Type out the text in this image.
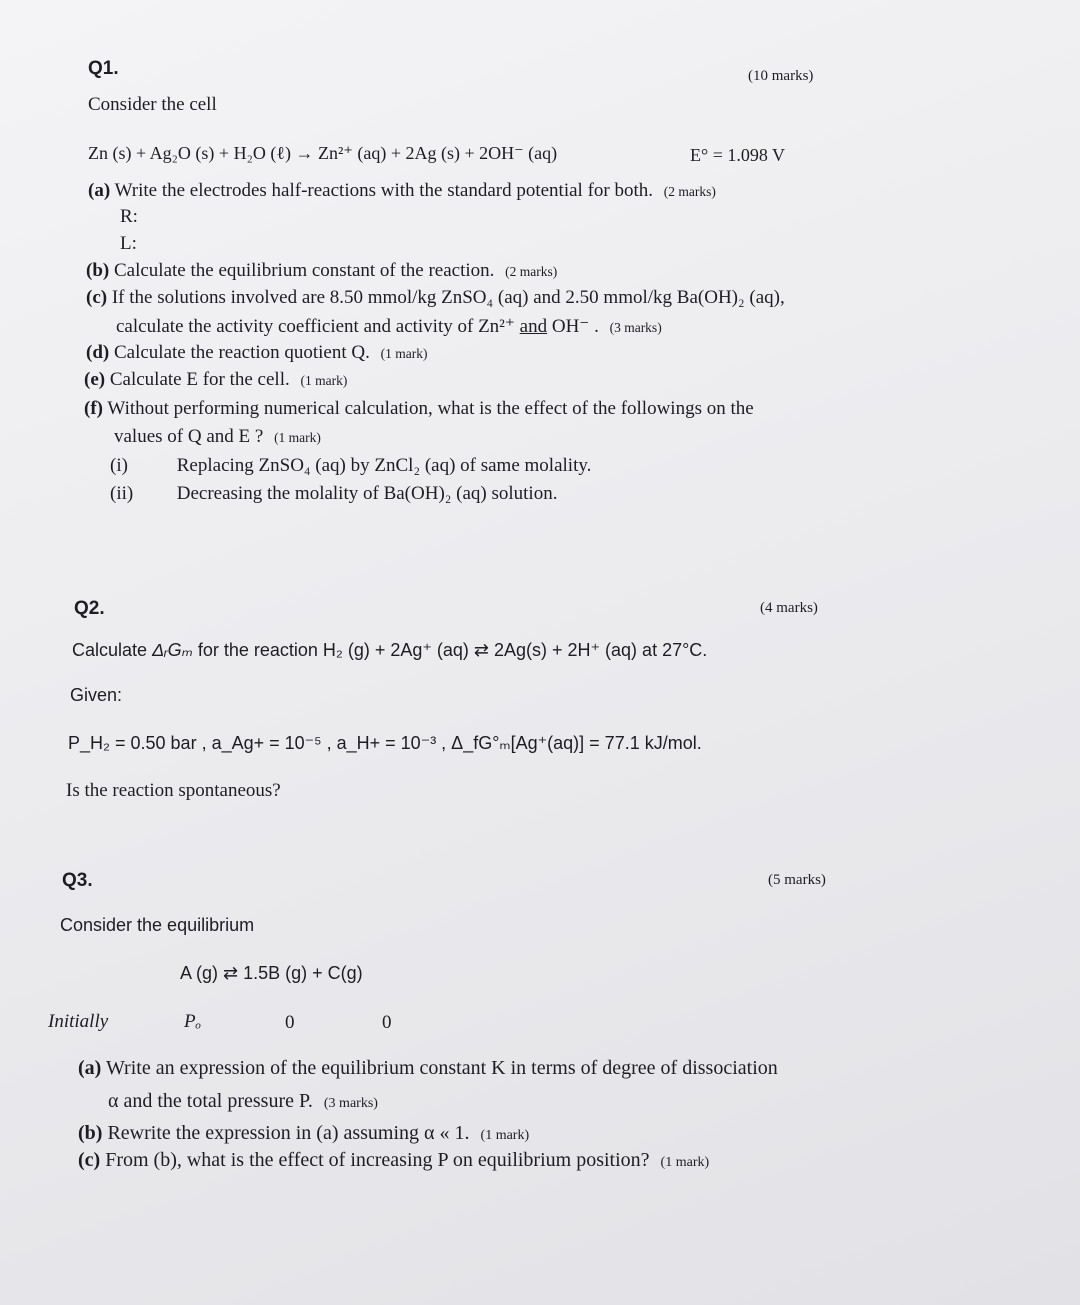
Q1.	(10 marks)
Consider the cell
Zn (s) + Ag₂O (s) + H₂O (ℓ) → Zn²⁺ (aq) + 2Ag (s) + 2OH⁻ (aq)	E° = 1.098 V
(a) Write the electrodes half-reactions with the standard potential for both. (2 marks)
R:
L:
(b) Calculate the equilibrium constant of the reaction. (2 marks)
(c) If the solutions involved are 8.50 mmol/kg ZnSO₄ (aq) and 2.50 mmol/kg Ba(OH)₂ (aq),
calculate the activity coefficient and activity of Zn²⁺ and OH⁻ . (3 marks)
(d) Calculate the reaction quotient Q. (1 mark)
(e) Calculate E for the cell. (1 mark)
(f) Without performing numerical calculation, what is the effect of the followings on the
values of Q and E ? (1 mark)
(i)	Replacing ZnSO₄ (aq) by ZnCl₂ (aq) of same molality.
(ii) Decreasing the molality of Ba(OH)₂ (aq) solution.
Q2.	(4 marks)
Calculate ΔᵣGₘ for the reaction H₂ (g) + 2Ag⁺ (aq) ⇄ 2Ag(s) + 2H⁺ (aq) at 27°C.
Given:
P_H₂ = 0.50 bar , a_Ag+ = 10⁻⁵ , a_H+ = 10⁻³ , Δ_fG°ₘ[Ag⁺(aq)] = 77.1 kJ/mol.
Is the reaction spontaneous?
Q3.	(5 marks)
Consider the equilibrium
A (g) ⇄ 1.5B (g) + C(g)
Initially	Pₒ	0	0
(a) Write an expression of the equilibrium constant K in terms of degree of dissociation
α and the total pressure P. (3 marks)
(b) Rewrite the expression in (a) assuming α « 1. (1 mark)
(c) From (b), what is the effect of increasing P on equilibrium position? (1 mark)
